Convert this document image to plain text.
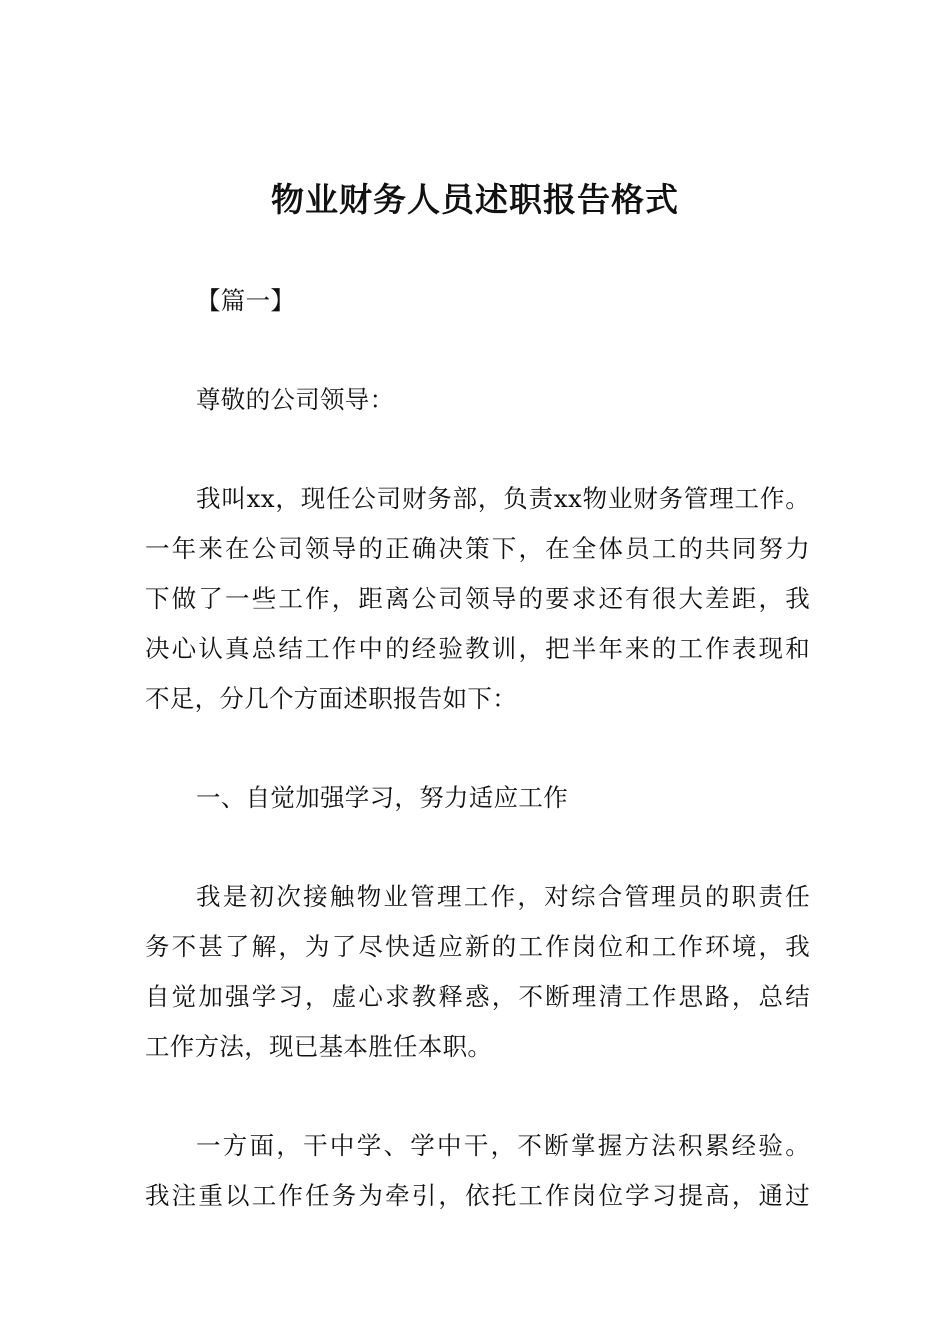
物业财务人员述职报告格式
【篇一】
尊敬的公司领导：
我叫xx，现任公司财务部，负责xx物业财务管理工作。
一年来在公司领导的正确决策下，在全体员工的共同努力
下做了一些工作，距离公司领导的要求还有很大差距，我
决心认真总结工作中的经验教训，把半年来的工作表现和
不足，分几个方面述职报告如下：
一、自觉加强学习，努力适应工作
我是初次接触物业管理工作，对综合管理员的职责任
务不甚了解，为了尽快适应新的工作岗位和工作环境，我
自觉加强学习，虚心求教释惑，不断理清工作思路，总结
工作方法，现已基本胜任本职。
一方面，干中学、学中干，不断掌握方法积累经验。
我注重以工作任务为牵引，依托工作岗位学习提高，通过
